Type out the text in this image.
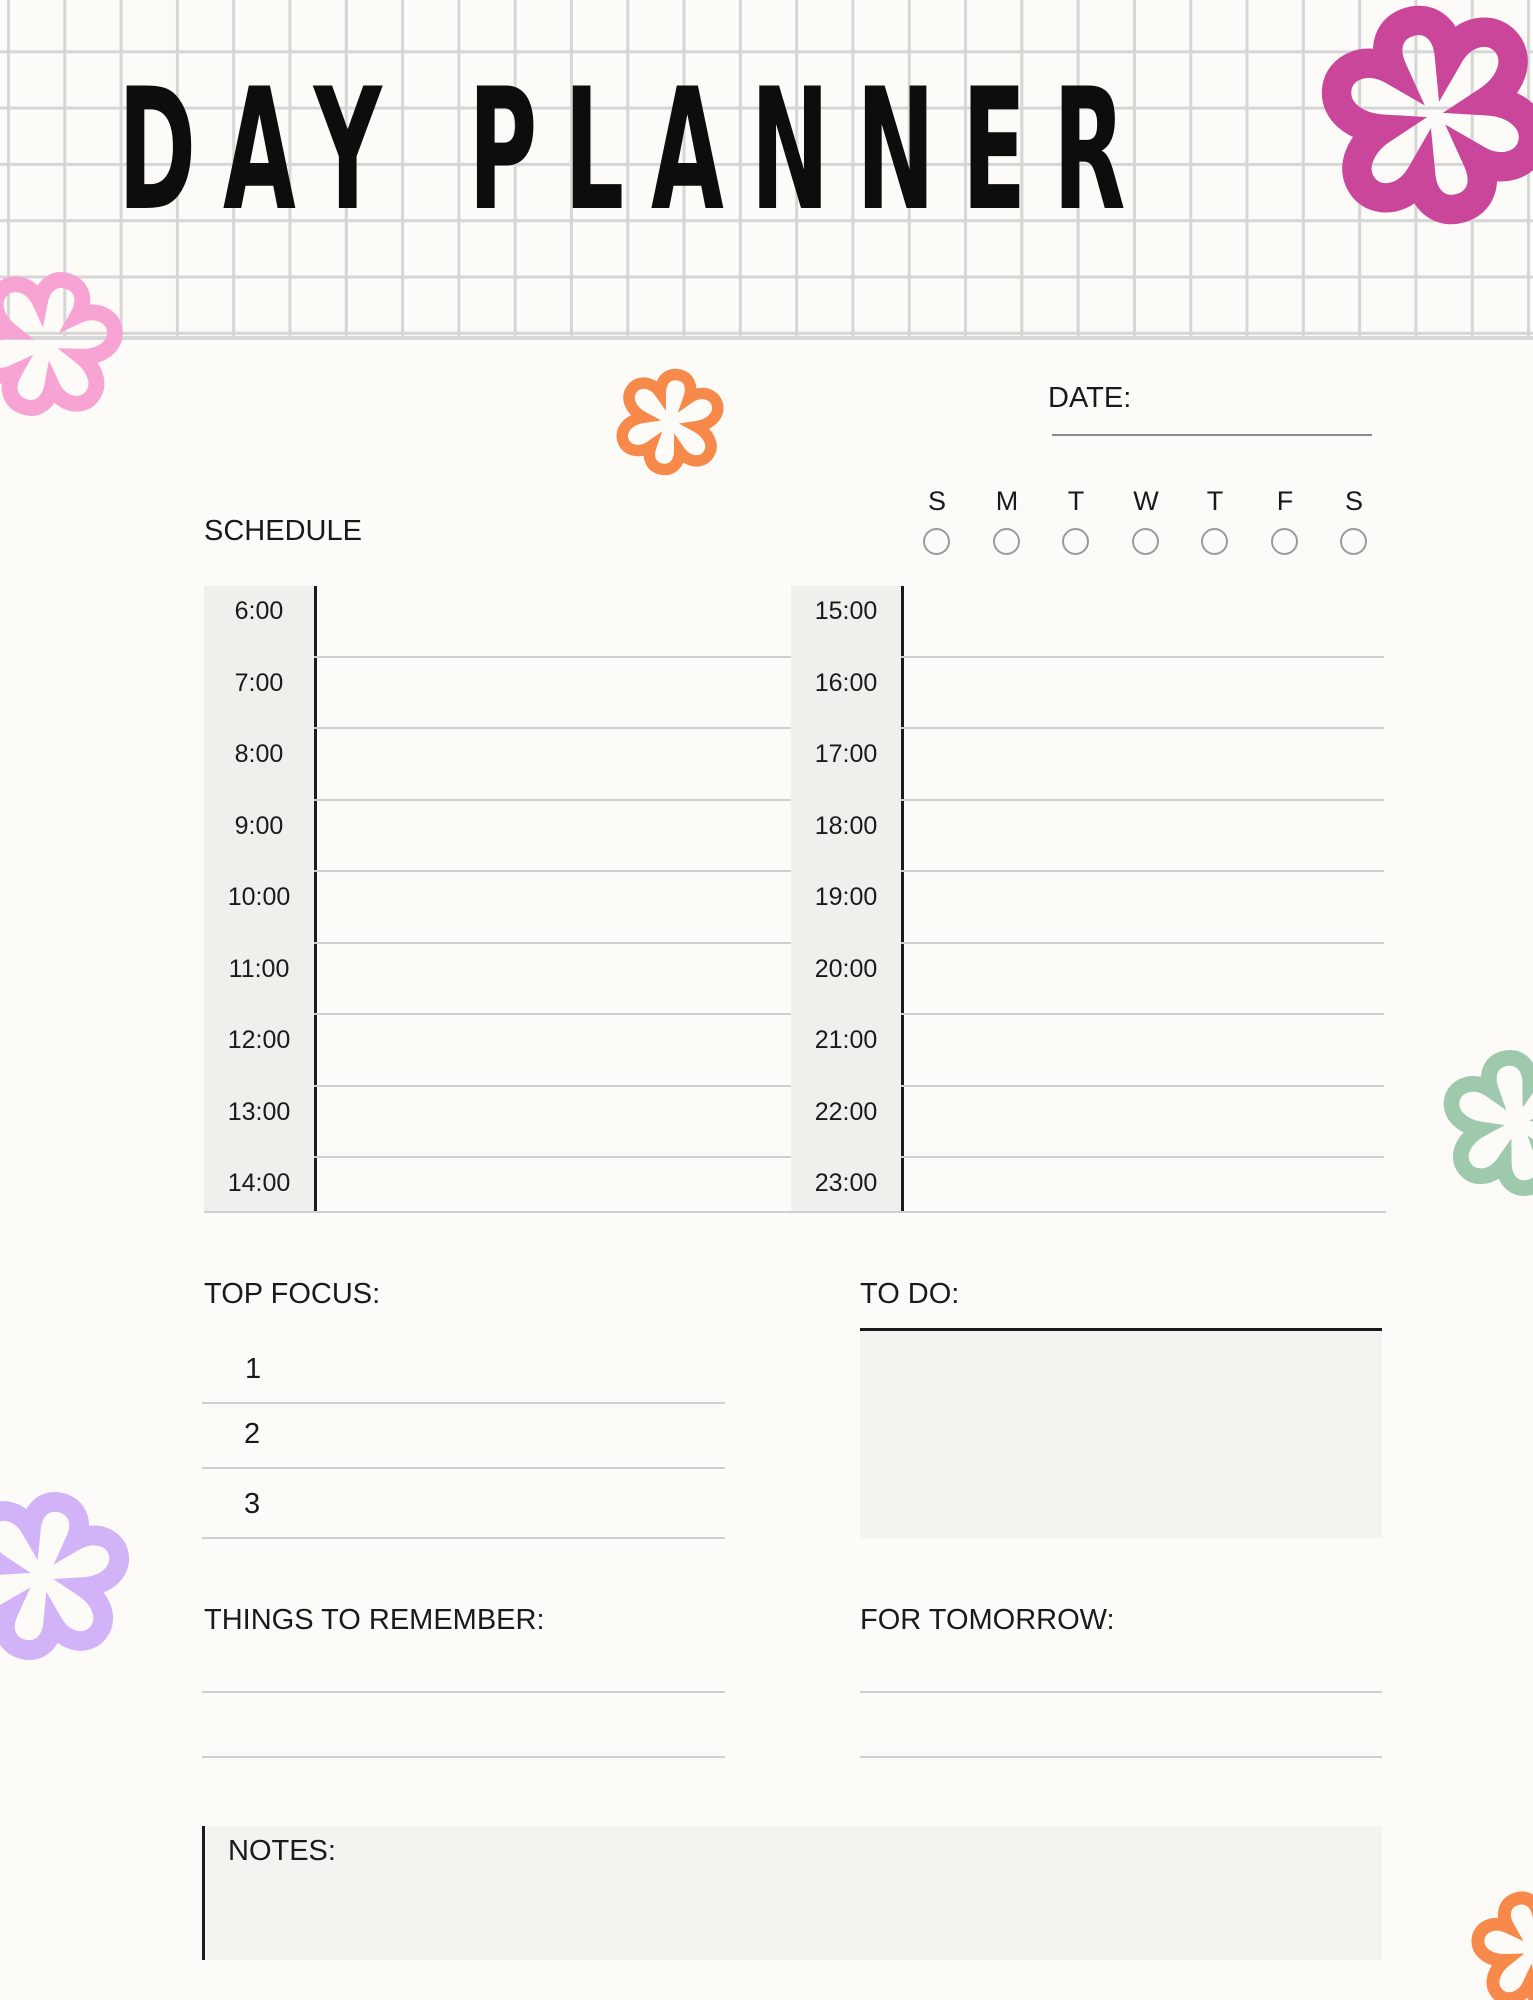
DAY PLANNER
DATE:
S	M	T	W	T	F	S
SCHEDULE
6:00
7:00
8:00
9:00
10:00
11:00
12:00
13:00
14:00
15:00
16:00
17:00
18:00
19:00
20:00
21:00
22:00
23:00
TOP FOCUS:
1
2
3
TO DO:
THINGS TO REMEMBER:	FOR TOMORROW:
NOTES:
